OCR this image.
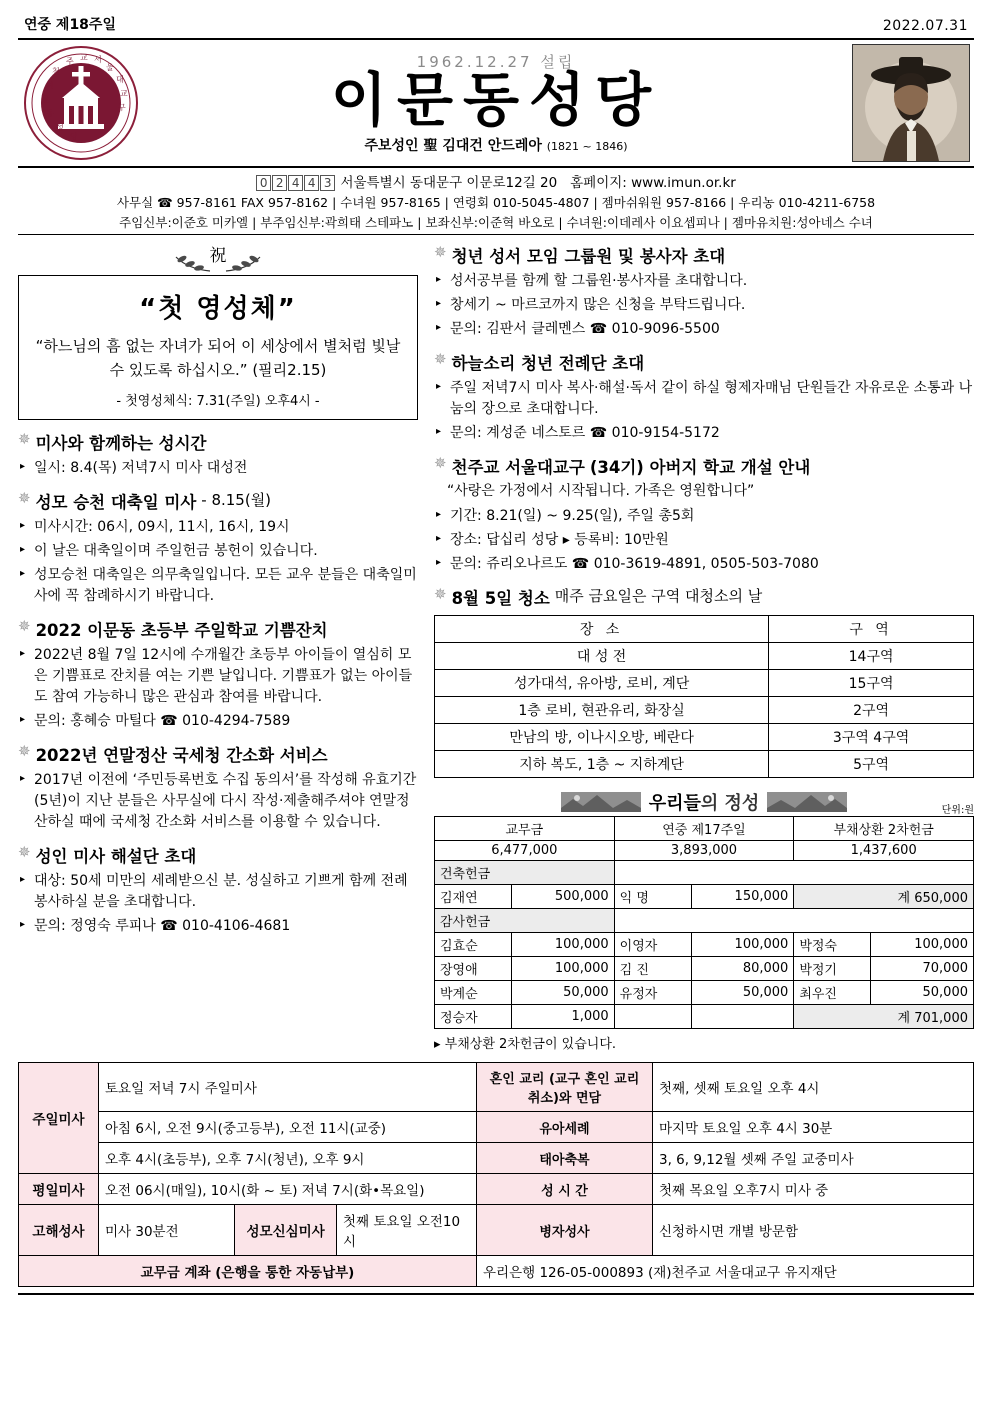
연중 제18주일	2022.07.31
천
주 교 서
울
대
교
구
이
문
동
성
당
1962.12.27 설립
이문동성당
주보성인 聖 김대건 안드레아 (1821 ~ 1846)
0 2 4 4 3 서울특별시 동대문구 이문로12길 20 홈페이지: www.imun.or.kr
사무실 ☎ 957-8161 FAX 957-8162 | 수녀원 957-8165 | 연령회 010-5045-4807 | 젬마쉬워원 957-8166 | 우리농 010-4211-6758
주임신부:이준호 미카엘 | 부주임신부:곽희태 스테파노 | 보좌신부:이준혁 바오로 | 수녀원:이데레사 이요셉피나 | 젬마유치원:성아네스 수녀
祝
“첫 영성체”
“하느님의 흠 없는 자녀가 되어 이 세상에서 별처럼 빛날 수 있도록 하십시오.” (필리2.15)
- 첫영성체식: 7.31(주일) 오후4시 -
✵ 미사와 함께하는 성시간
▸ 일시: 8.4(목) 저녁7시 미사 대성전
✵ 성모 승천 대축일 미사 - 8.15(월)
▸ 미사시간: 06시, 09시, 11시, 16시, 19시
▸ 이 날은 대축일이며 주일헌금 봉헌이 있습니다.
▸ 성모승천 대축일은 의무축일입니다. 모든 교우 분들은 대축일미사에 꼭 참례하시기 바랍니다.
✵ 2022 이문동 초등부 주일학교 기쁨잔치
▸ 2022년 8월 7일 12시에 수개월간 초등부 아이들이 열심히 모은 기쁨표로 잔치를 여는 기쁜 날입니다. 기쁨표가 없는 아이들도 참여 가능하니 많은 관심과 참여를 바랍니다.
▸ 문의: 홍혜승 마틸다 ☎ 010-4294-7589
✵ 2022년 연말정산 국세청 간소화 서비스
▸ 2017년 이전에 ‘주민등록번호 수집 동의서’를 작성해 유효기간(5년)이 지난 분들은 사무실에 다시 작성·제출해주셔야 연말정산하실 때에 국세청 간소화 서비스를 이용할 수 있습니다.
✵ 성인 미사 해설단 초대
▸ 대상: 50세 미만의 세례받으신 분. 성실하고 기쁘게 함께 전례 봉사하실 분을 초대합니다.
▸ 문의: 정영숙 루피나 ☎ 010-4106-4681
✵ 청년 성서 모임 그룹원 및 봉사자 초대
▸ 성서공부를 함께 할 그룹원·봉사자를 초대합니다.
▸ 창세기 ~ 마르코까지 많은 신청을 부탁드립니다.
▸ 문의: 김판서 클레멘스 ☎ 010-9096-5500
✵ 하늘소리 청년 전례단 초대
▸ 주일 저녁7시 미사 복사·해설·독서 같이 하실 형제자매님 단원들간 자유로운 소통과 나눔의 장으로 초대합니다.
▸ 문의: 계성준 네스토르 ☎ 010-9154-5172
✵ 천주교 서울대교구 (34기) 아버지 학교 개설 안내
“사랑은 가정에서 시작됩니다. 가족은 영원합니다”
▸ 기간: 8.21(일) ~ 9.25(일), 주일 총5회
▸ 장소: 답십리 성당 ▸ 등록비: 10만원
▸ 문의: 쥬리오나르도 ☎ 010-3619-4891, 0505-503-7080
✵ 8월 5일 청소 매주 금요일은 구역 대청소의 날
장 소	구 역
대 성 전	14구역
성가대석, 유아방, 로비, 계단	15구역
1층 로비, 현관유리, 화장실	2구역
만남의 방, 이나시오방, 베란다	3구역 4구역
지하 복도, 1층 ~ 지하계단	5구역
우리들의 정성	단위:원
교무금		연중 제17주일		부채상환 2차헌금	
6,477,000		3,893,000		1,437,600	
건축헌금					
김재연	500,000	익 명	150,000	계 650,000	
감사헌금					
김효순	100,000	이영자	100,000	박정숙	100,000
장영애	100,000	김 진	80,000	박정기	70,000
박계순	50,000	유정자	50,000	최우진	50,000
정승자	1,000			계 701,000	
▸ 부채상환 2차헌금이 있습니다.
주일미사	토요일 저녁 7시 주일미사	혼인 교리 (교구 혼인 교리 취소)와 면담	첫째, 셋째 토요일 오후 4시
아침 6시, 오전 9시(중고등부), 오전 11시(교중)	유아세례	마지막 토요일 오후 4시 30분
오후 4시(초등부), 오후 7시(청년), 오후 9시	태아축복	3, 6, 9,12월 셋째 주일 교중미사
평일미사	오전 06시(매일), 10시(화 ~ 토) 저녁 7시(화•목요일)	성 시 간	첫째 목요일 오후7시 미사 중
고해성사	미사 30분전	성모신심미사	첫째 토요일 오전10시
	병자성사	신청하시면 개별 방문함
교무금 계좌 (은행을 통한 자동납부)	우리은행 126-05-000893 (재)천주교 서울대교구 유지재단
